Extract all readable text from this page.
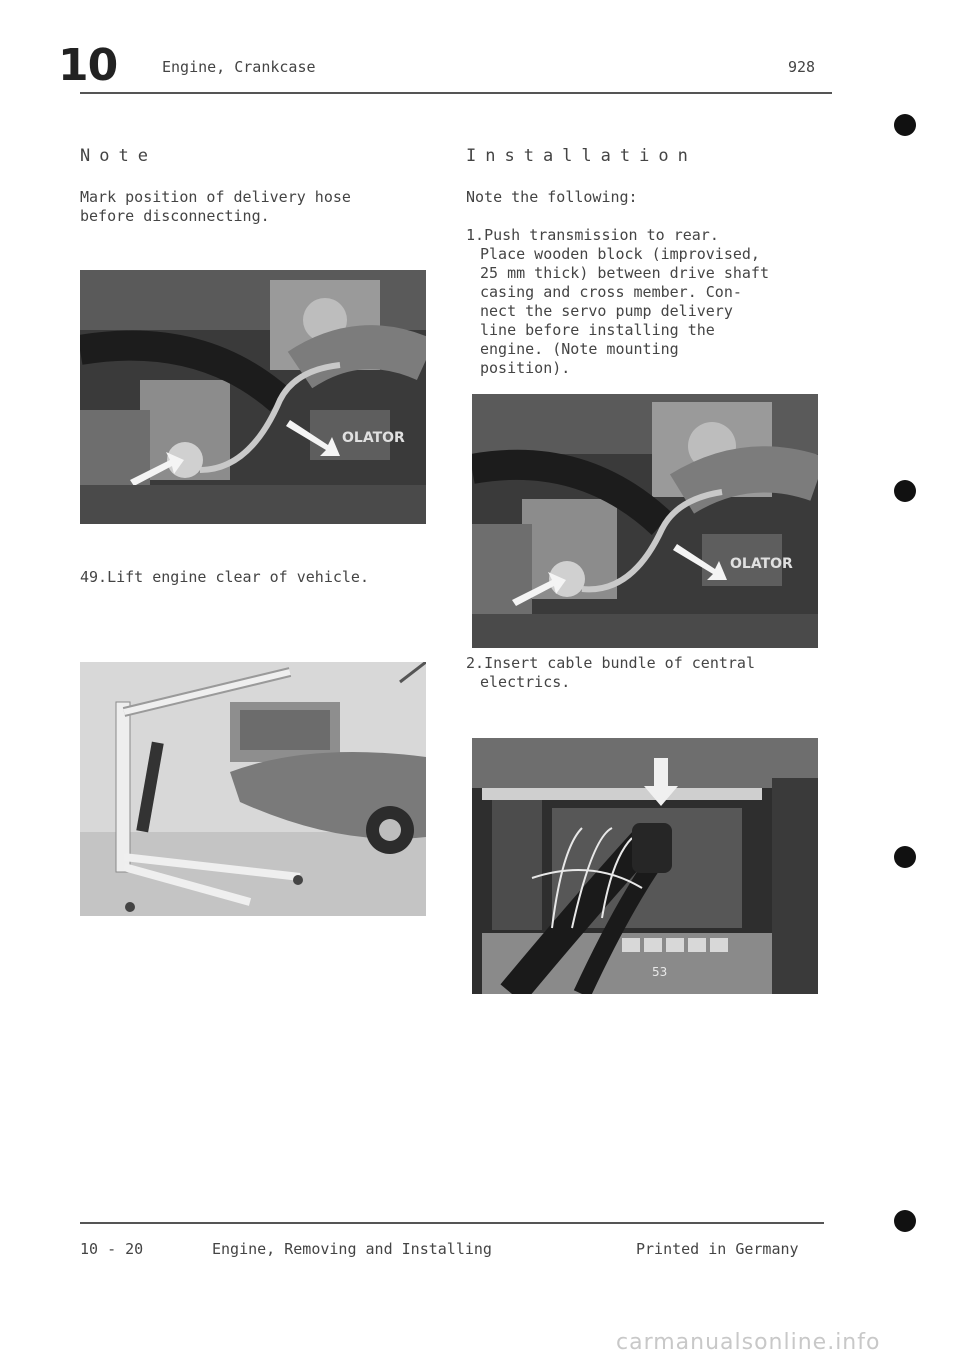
10	Engine, Crankcase	928
Note
Mark position of delivery hose
before disconnecting.
OLATOR
49.Lift engine clear of vehicle.
Installation
Note the following:
1.Push transmission to rear.
Place wooden block (improvised,
25 mm thick) between drive shaft
casing and cross member. Con-
nect the servo pump delivery
line before installing the
engine. (Note mounting
position).
OLATOR
2.Insert cable bundle of central
electrics.
53
10 - 20	Engine, Removing and Installing	Printed in Germany
carmanualsonline.info
